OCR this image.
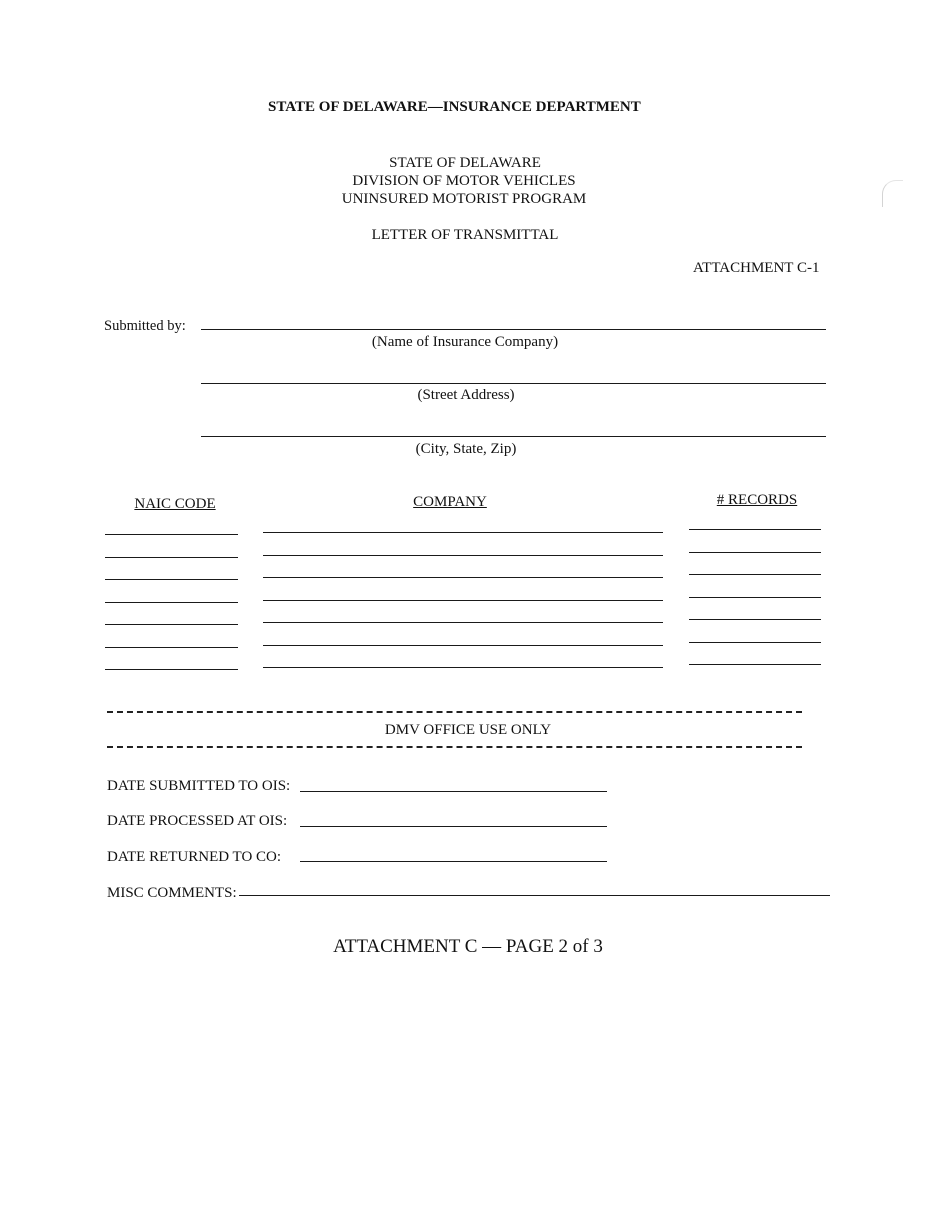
STATE OF DELAWARE—INSURANCE DEPARTMENT
STATE OF DELAWARE
DIVISION OF MOTOR VEHICLES
UNINSURED MOTORIST PROGRAM
LETTER OF TRANSMITTAL
ATTACHMENT C-1
Submitted by:
(Name of Insurance Company)
(Street Address)
(City, State, Zip)
NAIC CODE	COMPANY	# RECORDS
DMV OFFICE USE ONLY
DATE SUBMITTED TO OIS:
DATE PROCESSED AT OIS:
DATE RETURNED TO CO:
MISC COMMENTS:
ATTACHMENT C — PAGE 2 of 3
